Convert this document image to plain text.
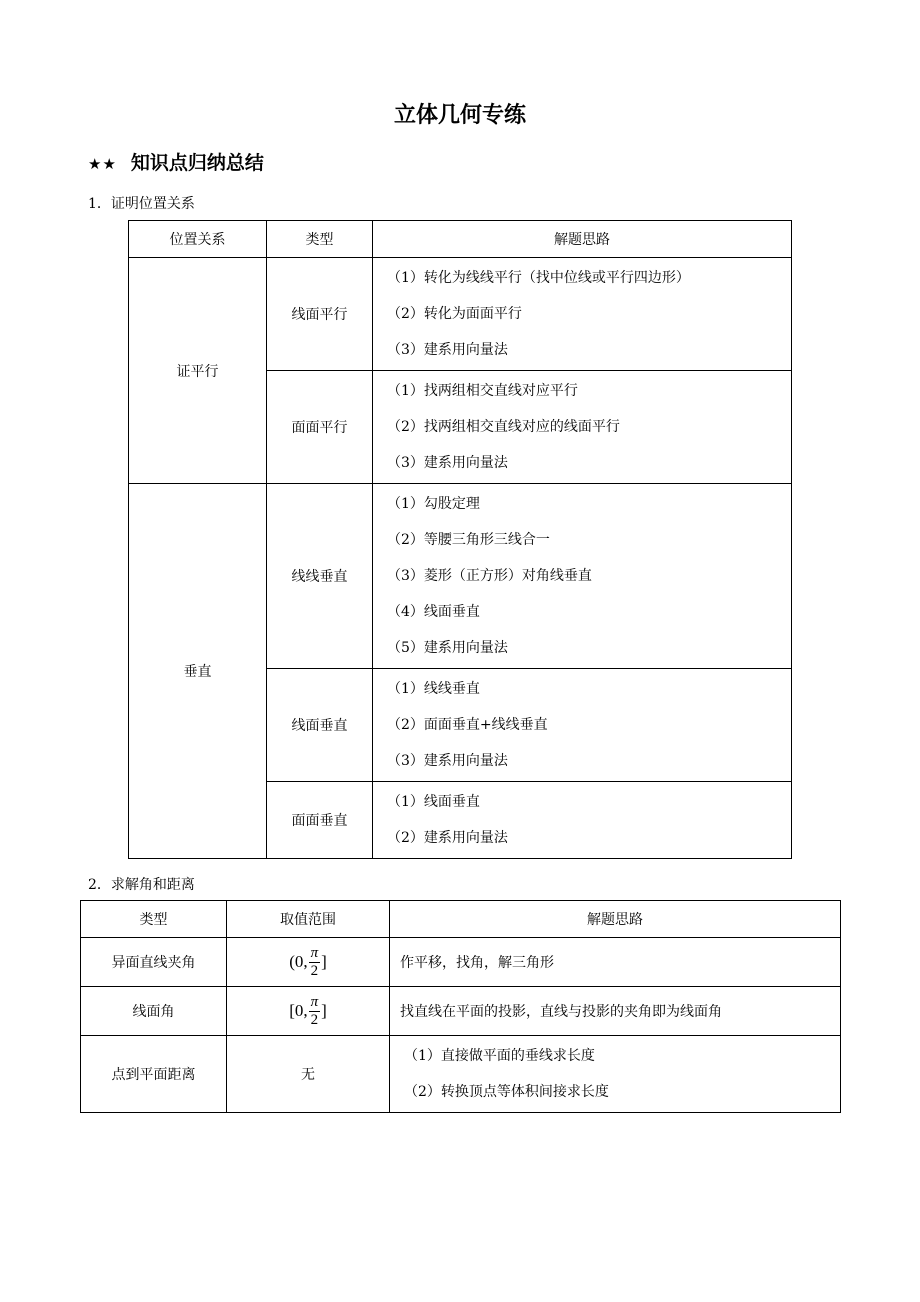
立体几何专练
★★ 知识点归纳总结
1．证明位置关系
位置关系	类型	解题思路
证平行	线面平行	（1）转化为线线平行（找中位线或平行四边形）
（2）转化为面面平行
（3）建系用向量法

	面面平行	（1）找两组相交直线对应平行
（2）找两组相交直线对应的线面平行
（3）建系用向量法

垂直	线线垂直	（1）勾股定理
（2）等腰三角形三线合一
（3）菱形（正方形）对角线垂直
（4）线面垂直
（5）建系用向量法

	线面垂直	（1）线线垂直
（2）面面垂直+线线垂直
（3）建系用向量法

	面面垂直	（1）线面垂直
（2）建系用向量法
2．求解角和距离
类型	取值范围	解题思路
异面直线夹角	(0, $\frac{\pi}{2}$ ]	作平移，找角，解三角形
线面角	[0, $\frac{\pi}{2}$ ]	找直线在平面的投影，直线与投影的夹角即为线面角
点到平面距离	无	（1）直接做平面的垂线求长度
（2）转换顶点等体积间接求长度
